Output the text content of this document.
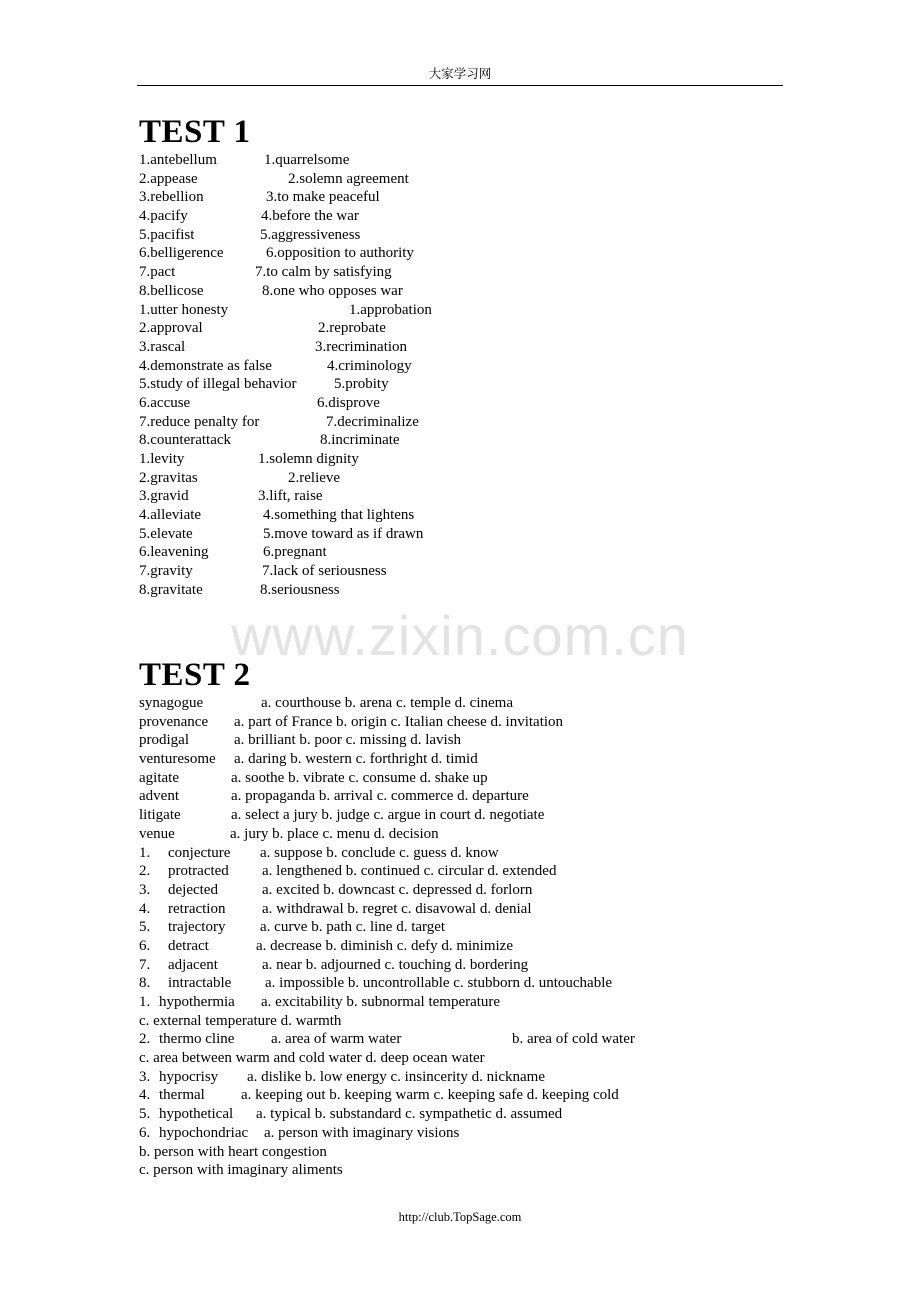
大家学习网
TEST 1
1.antebellum	1.quarrelsome
2.appease	2.solemn agreement
3.rebellion	3.to make peaceful
4.pacify	4.before the war
5.pacifist	5.aggressiveness
6.belligerence	6.opposition to authority
7.pact	7.to calm by satisfying
8.bellicose	8.one who opposes war
1.utter honesty	1.approbation
2.approval	2.reprobate
3.rascal	3.recrimination
4.demonstrate as false	4.criminology
5.study of illegal behavior	5.probity
6.accuse	6.disprove
7.reduce penalty for	7.decriminalize
8.counterattack	8.incriminate
1.levity	1.solemn dignity
2.gravitas	2.relieve
3.gravid	3.lift, raise
4.alleviate	4.something that lightens
5.elevate	5.move toward as if drawn
6.leavening	6.pregnant
7.gravity	7.lack of seriousness
8.gravitate	8.seriousness
www.zixin.com.cn
TEST 2
synagogue	a. courthouse b. arena c. temple d. cinema
provenance a. part of France b. origin c. Italian cheese d. invitation
prodigal	a. brilliant b. poor c. missing d. lavish
venturesome a. daring b. western c. forthright d. timid
agitate	a. soothe b. vibrate c. consume d. shake up
advent	a. propaganda b. arrival c. commerce d. departure
litigate	a. select a jury b. judge c. argue in court d. negotiate
venue	a. jury b. place c. menu d. decision
1. conjecture a. suppose b. conclude c. guess d. know
2. protracted a. lengthened b. continued c. circular d. extended
3. dejected	a. excited b. downcast c. depressed d. forlorn
4. retraction a. withdrawal b. regret c. disavowal d. denial
5. trajectory a. curve b. path c. line d. target
6. detract	a. decrease b. diminish c. defy d. minimize
7. adjacent	a. near b. adjourned c. touching d. bordering
8. intractable a. impossible b. uncontrollable c. stubborn d. untouchable
1. hypothermia a. excitability b. subnormal temperature
c. external temperature d. warmth
2. thermo cline a. area of warm water	b. area of cold water
c. area between warm and cold water d. deep ocean water
3. hypocrisy a. dislike b. low energy c. insincerity d. nickname
4. thermal a. keeping out b. keeping warm c. keeping safe d. keeping cold
5. hypothetical a. typical b. substandard c. sympathetic d. assumed
6. hypochondriac a. person with imaginary visions
b. person with heart congestion
c. person with imaginary aliments
http://club.TopSage.com
